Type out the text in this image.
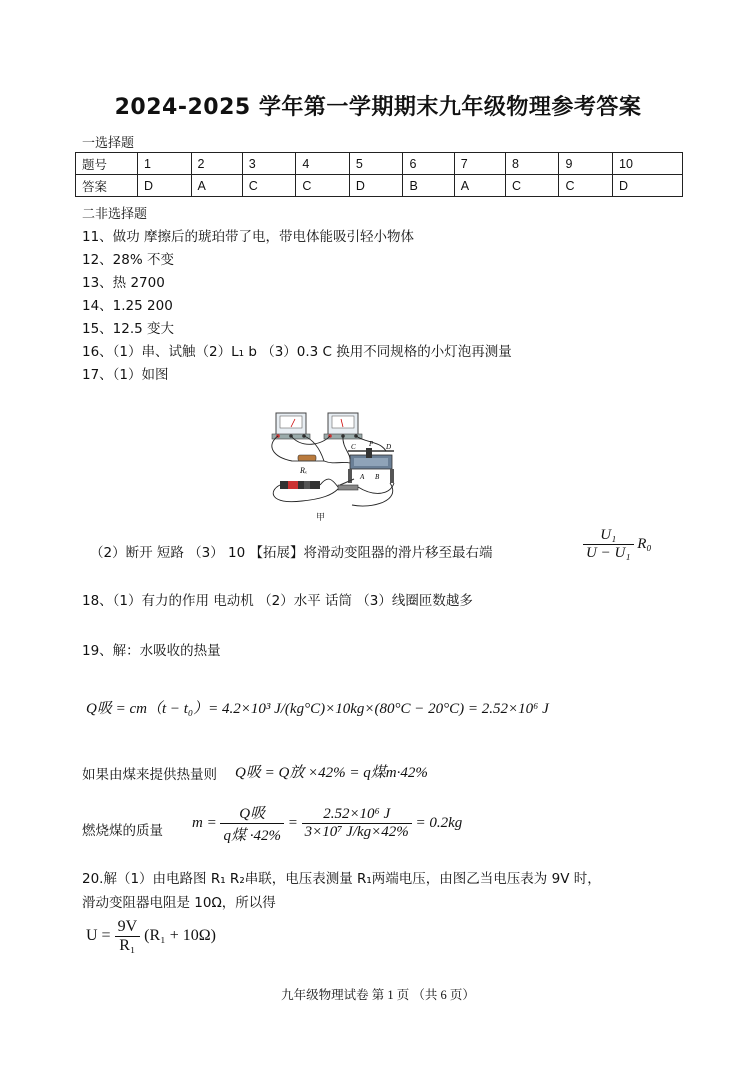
2024-2025 学年第一学期期末九年级物理参考答案
一选择题
题号	1	2	3	4	5	6	7	8	9	10
答案	D	A	C	C	D	B	A	C	C	D
二非选择题
11、做功 摩擦后的琥珀带了电，带电体能吸引轻小物体
12、28% 不变
13、热 2700
14、1.25 200
15、12.5 变大
16、（1）串、试触（2）L₁ b （3）0.3 C 换用不同规格的小灯泡再测量
17、（1）如图
Rₓ
C P D
A B
甲
（2）断开 短路 （3） 10 【拓展】将滑动变阻器的滑片移至最右端	$\frac{\text{U₁}}{\text{U − U₁}} R_0$
18、（1）有力的作用 电动机 （2）水平 话筒 （3）线圈匝数越多
19、解：水吸收的热量
Q吸 = cm（t − t₀）= 4.2×10³ J/(kg°C)×10kg×(80°C − 20°C) = 2.52×10⁶ J
如果由煤来提供热量则 Q吸 = Q放 ×42% = q煤m·42%
燃烧煤的质量
$m = \frac{\text{Q吸}}{\text{q煤 ·42\%}} = \frac{\text{2.52×10⁶ J}}{\text{3×10⁷ J/kg×42\%}} = 0.2kg$
20.解（1）由电路图 R₁ R₂串联，电压表测量 R₁两端电压，由图乙当电压表为 9V 时，
滑动变阻器电阻是 10Ω，所以得
$U = \frac{9V}{\text{R₁}} (R_1 + 10\Omega)$
九年级物理试卷 第 1 页 （共 6 页）
